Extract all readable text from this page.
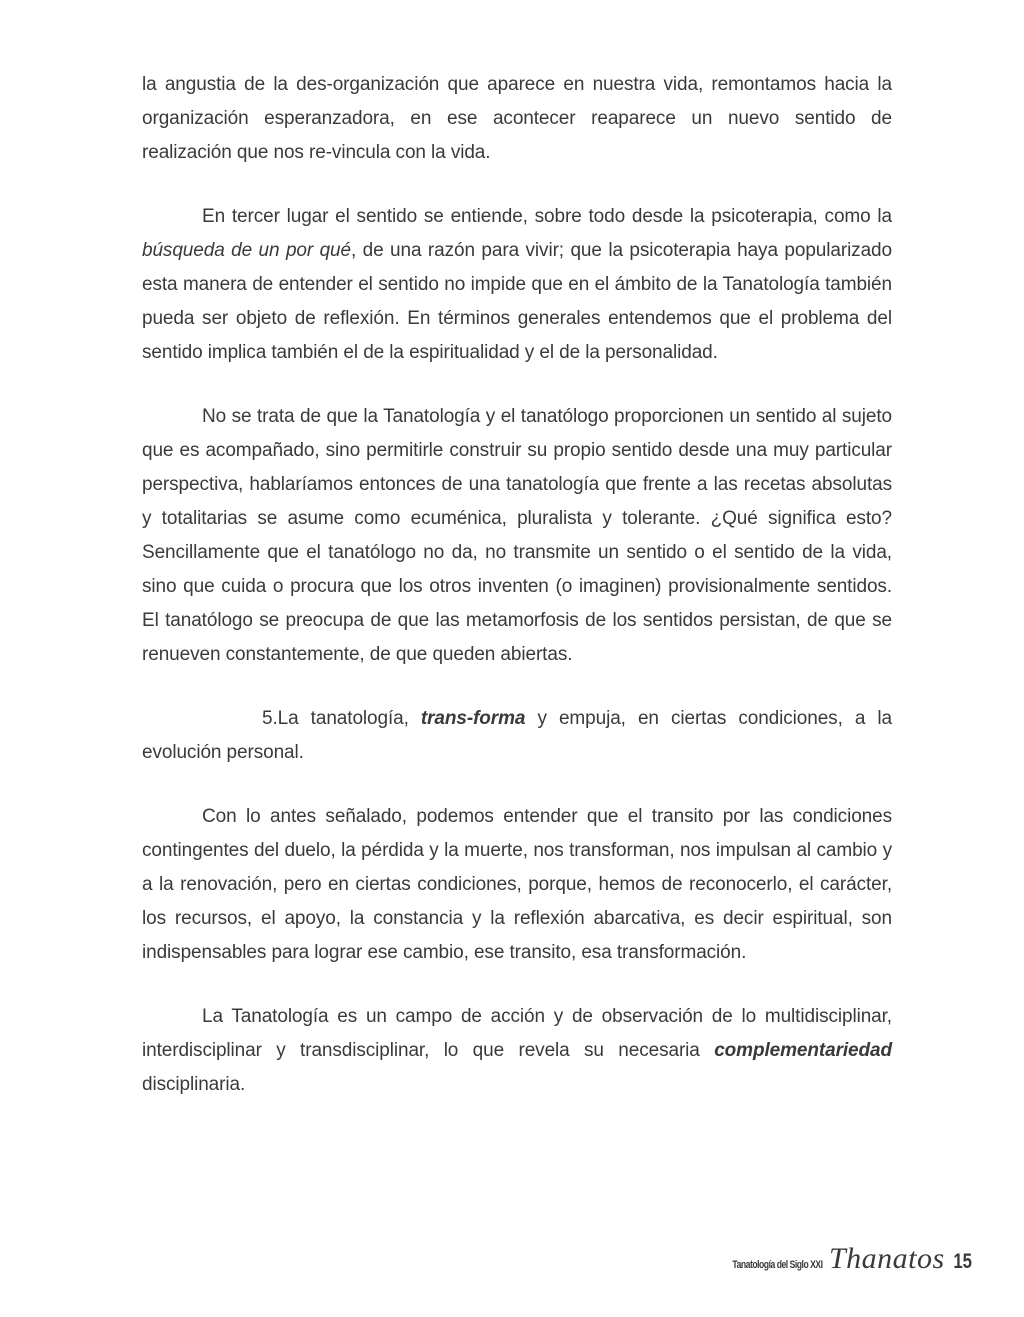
la angustia de la des-organización que aparece en nuestra vida, remontamos hacia la organización esperanzadora, en ese acontecer reaparece un nuevo sentido de realización que nos re-vincula con la vida.

En tercer lugar el sentido se entiende, sobre todo desde la psicoterapia, como la búsqueda de un por qué, de una razón para vivir; que la psicoterapia haya popularizado esta manera de entender el sentido no impide que en el ámbito de la Tanatología también pueda ser objeto de reflexión. En términos generales entendemos que el problema del sentido implica también el de la espiritualidad y el de la personalidad.

No se trata de que la Tanatología y el tanatólogo proporcionen un sentido al sujeto que es acompañado, sino permitirle construir su propio sentido desde una muy particular perspectiva, hablaríamos entonces de una tanatología que frente a las recetas absolutas y totalitarias se asume como ecuménica, pluralista y tolerante. ¿Qué significa esto? Sencillamente que el tanatólogo no da, no transmite un sentido o el sentido de la vida, sino que cuida o procura que los otros inventen (o imaginen) provisionalmente sentidos. El tanatólogo se preocupa de que las metamorfosis de los sentidos persistan, de que se renueven constantemente, de que queden abiertas.

5.La tanatología, trans-forma y empuja, en ciertas condiciones, a la evolución personal.

Con lo antes señalado, podemos entender que el transito por las condiciones contingentes del duelo, la pérdida y la muerte, nos transforman, nos impulsan al cambio y a la renovación, pero en ciertas condiciones, porque, hemos de reconocerlo, el carácter, los recursos, el apoyo, la constancia y la reflexión abarcativa, es decir espiritual, son indispensables para lograr ese cambio, ese transito, esa transformación.

La Tanatología es un campo de acción y de observación de lo multidisciplinar, interdisciplinar y transdisciplinar, lo que revela su necesaria complementariedad disciplinaria.

Tanatología del Siglo XXI Thanatos 15
